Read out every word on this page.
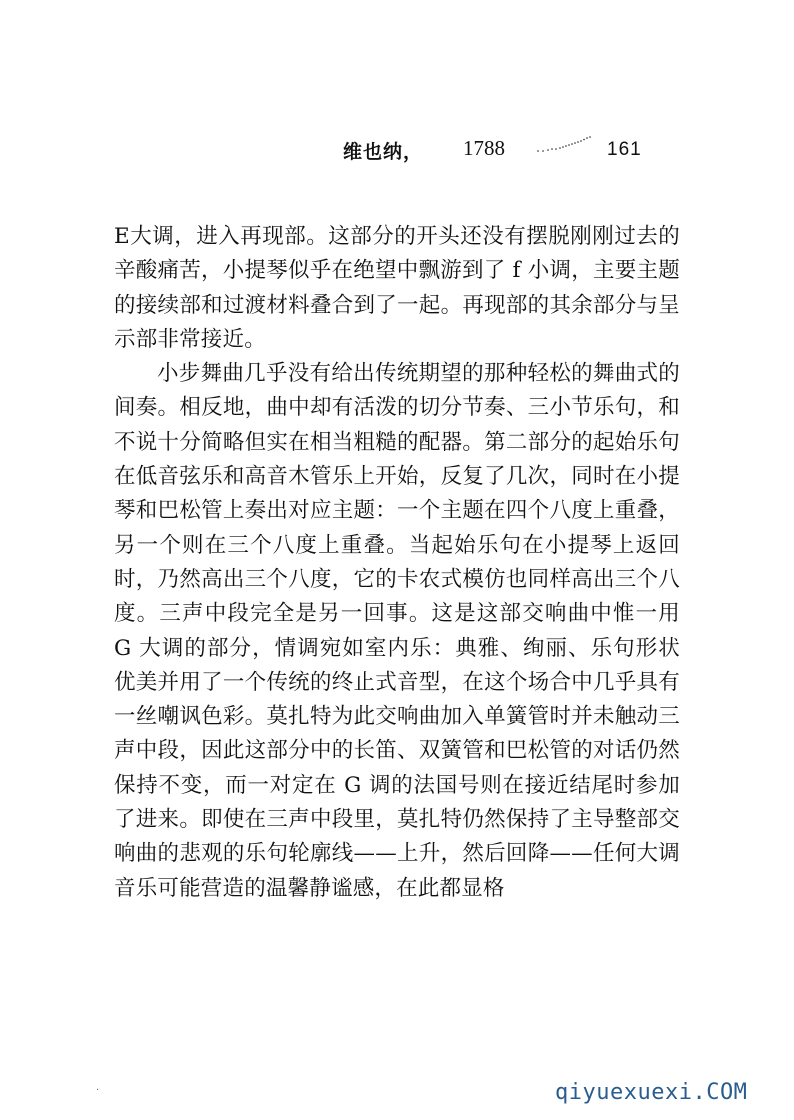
维也纳， 1788	161

E大调，进入再现部。这部分的开头还没有摆脱刚刚过去的辛酸痛苦，小提琴似乎在绝望中飘游到了 f 小调，主要主题的接续部和过渡材料叠合到了一起。再现部的其余部分与呈示部非常接近。

小步舞曲几乎没有给出传统期望的那种轻松的舞曲式的间奏。相反地，曲中却有活泼的切分节奏、三小节乐句，和不说十分简略但实在相当粗糙的配器。第二部分的起始乐句在低音弦乐和高音木管乐上开始，反复了几次，同时在小提琴和巴松管上奏出对应主题：一个主题在四个八度上重叠，另一个则在三个八度上重叠。当起始乐句在小提琴上返回时，乃然高出三个八度，它的卡农式模仿也同样高出三个八度。三声中段完全是另一回事。这是这部交响曲中惟一用 G 大调的部分，情调宛如室内乐：典雅、绚丽、乐句形状优美并用了一个传统的终止式音型，在这个场合中几乎具有一丝嘲讽色彩。莫扎特为此交响曲加入单簧管时并未触动三声中段，因此这部分中的长笛、双簧管和巴松管的对话仍然保持不变，而一对定在 G 调的法国号则在接近结尾时参加了进来。即使在三声中段里，莫扎特仍然保持了主导整部交响曲的悲观的乐句轮廓线——上升，然后回降——任何大调音乐可能营造的温馨静谧感，在此都显格

.	qiyuexuexi.COM
